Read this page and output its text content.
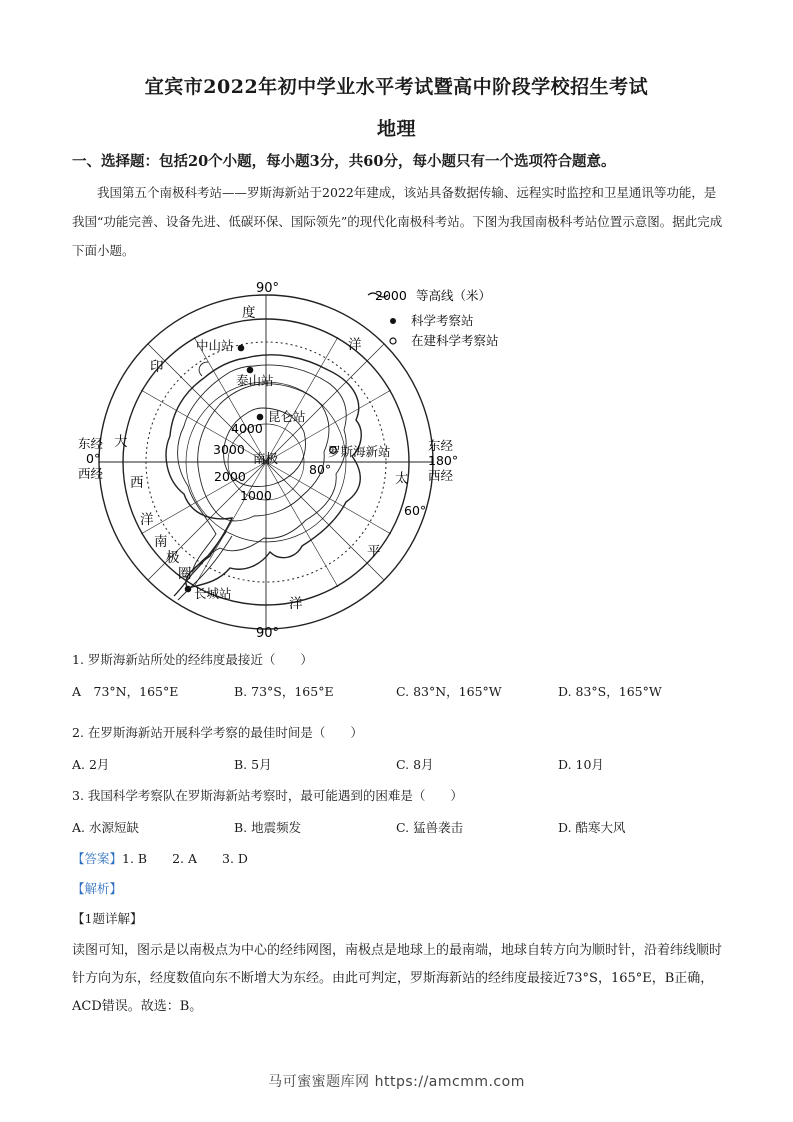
宜宾市2022年初中学业水平考试暨高中阶段学校招生考试
地理
一、选择题：包括20个小题，每小题3分，共60分，每小题只有一个选项符合题意。
我国第五个南极科考站——罗斯海新站于2022年建成，该站具备数据传输、远程实时监控和卫星通讯等功能，是我国“功能完善、设备先进、低碳环保、国际领先”的现代化南极科考站。下图为我国南极科考站位置示意图。据此完成下面小题。
2000 等高线（米）
科学考察站
在建科学考察站
90°
90°
东经
0°
西经
东经
180°
西经
印
度
洋
大
西
洋
太
平
洋
南
极
圈
中山站
泰山站
昆仑站
罗斯海新站
长城站
南极
4000
3000
2000
1000
80°
60°
1. 罗斯海新站所处的经纬度最接近（　　）
A　73°N，165°E	B. 73°S，165°E	C. 83°N，165°W	D. 83°S，165°W
2. 在罗斯海新站开展科学考察的最佳时间是（　　）
A. 2月	B. 5月	C. 8月	D. 10月
3. 我国科学考察队在罗斯海新站考察时，最可能遇到的困难是（　　）
A. 水源短缺	B. 地震频发	C. 猛兽袭击	D. 酷寒大风
【答案】1. B　　2. A　　3. D
【解析】
【1题详解】
读图可知，图示是以南极点为中心的经纬网图，南极点是地球上的最南端，地球自转方向为顺时针，沿着纬线顺时针方向为东，经度数值向东不断增大为东经。由此可判定，罗斯海新站的经纬度最接近73°S，165°E，B正确，ACD错误。故选：B。
马可蜜蜜题库网 https://amcmm.com
